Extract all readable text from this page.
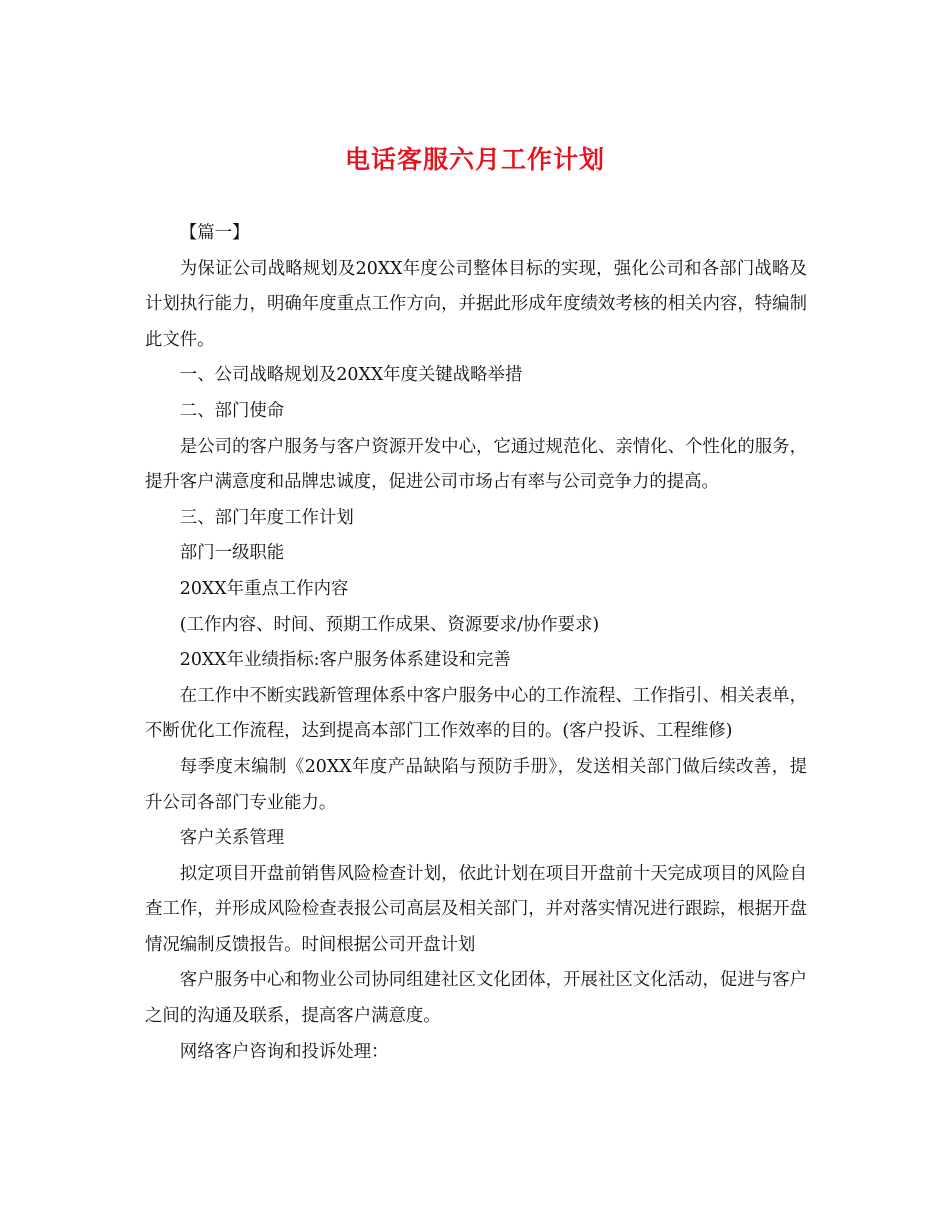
电话客服六月工作计划

【篇一】

为保证公司战略规划及20XX年度公司整体目标的实现，强化公司和各部门战略及计划执行能力，明确年度重点工作方向，并据此形成年度绩效考核的相关内容，特编制此文件。

一、公司战略规划及20XX年度关键战略举措

二、部门使命

是公司的客户服务与客户资源开发中心，它通过规范化、亲情化、个性化的服务，提升客户满意度和品牌忠诚度，促进公司市场占有率与公司竞争力的提高。

三、部门年度工作计划

部门一级职能

20XX年重点工作内容

(工作内容、时间、预期工作成果、资源要求/协作要求)

20XX年业绩指标:客户服务体系建设和完善

在工作中不断实践新管理体系中客户服务中心的工作流程、工作指引、相关表单，不断优化工作流程，达到提高本部门工作效率的目的。(客户投诉、工程维修)

每季度末编制《20XX年度产品缺陷与预防手册》，发送相关部门做后续改善，提升公司各部门专业能力。

客户关系管理

拟定项目开盘前销售风险检查计划，依此计划在项目开盘前十天完成项目的风险自查工作，并形成风险检查表报公司高层及相关部门，并对落实情况进行跟踪，根据开盘情况编制反馈报告。时间根据公司开盘计划

客户服务中心和物业公司协同组建社区文化团体，开展社区文化活动，促进与客户之间的沟通及联系，提高客户满意度。

网络客户咨询和投诉处理：
